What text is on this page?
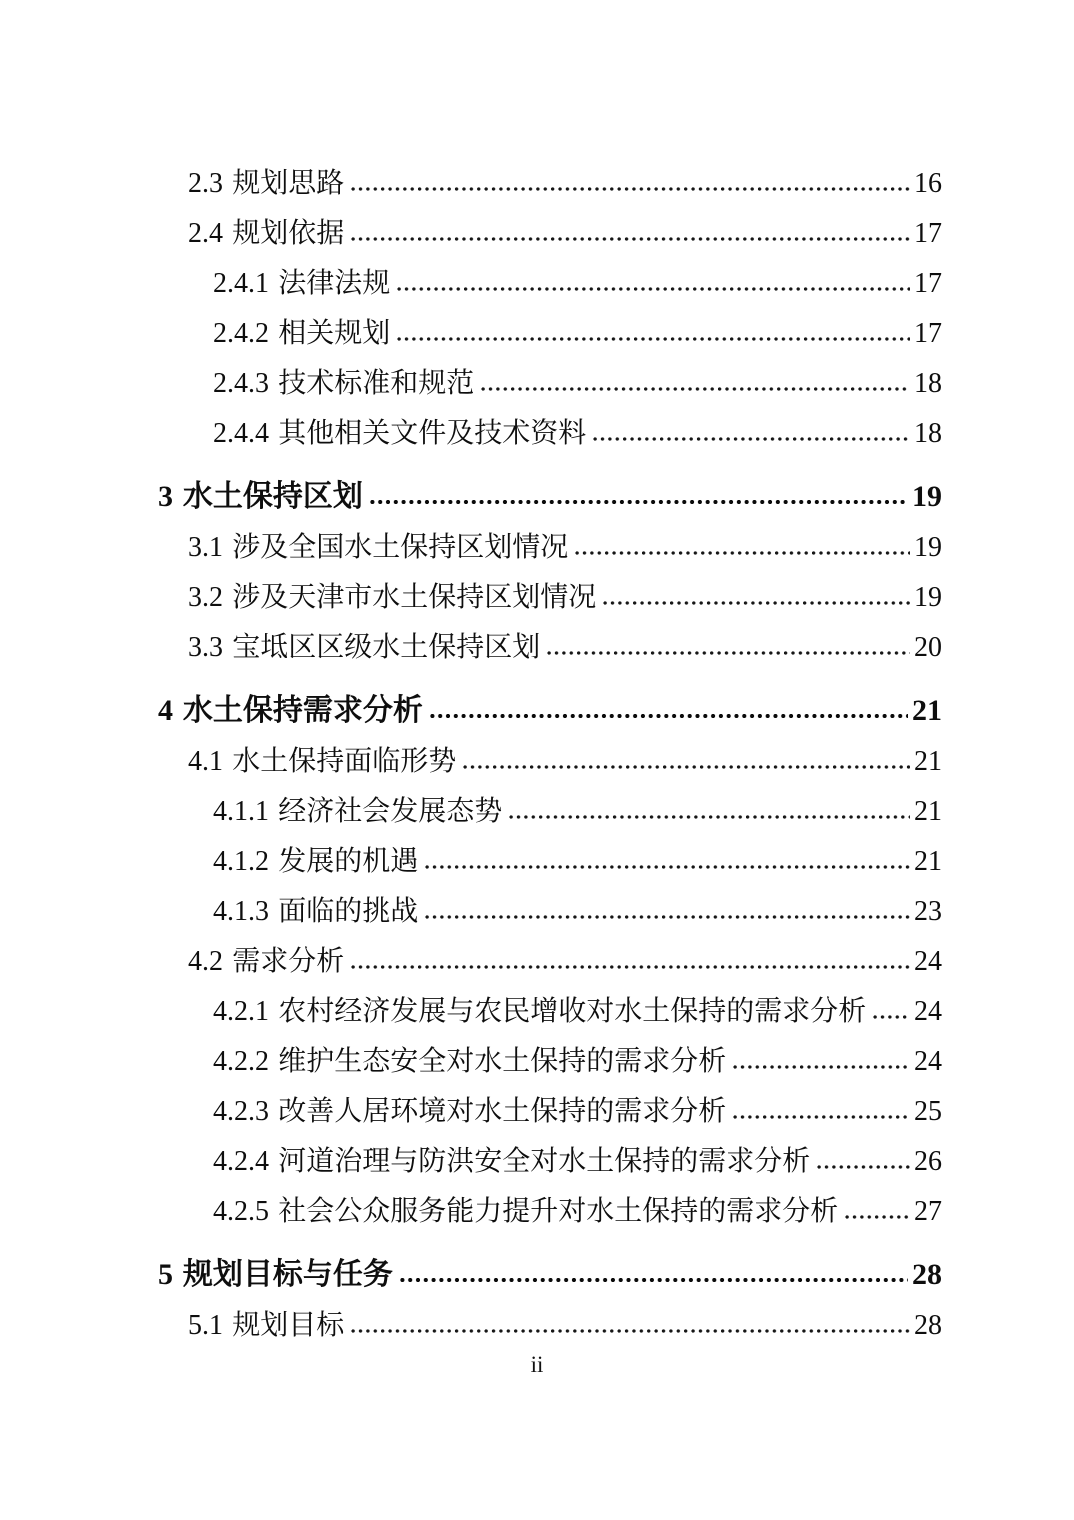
2.3 规划思路	16
2.4 规划依据	17
2.4.1 法律法规	17
2.4.2 相关规划	17
2.4.3 技术标准和规范	18
2.4.4 其他相关文件及技术资料	18
3 水土保持区划	19
3.1 涉及全国水土保持区划情况	19
3.2 涉及天津市水土保持区划情况	19
3.3 宝坻区区级水土保持区划	20
4 水土保持需求分析	21
4.1 水土保持面临形势	21
4.1.1 经济社会发展态势	21
4.1.2 发展的机遇	21
4.1.3 面临的挑战	23
4.2 需求分析	24
4.2.1 农村经济发展与农民增收对水土保持的需求分析 24
4.2.2 维护生态安全对水土保持的需求分析	24
4.2.3 改善人居环境对水土保持的需求分析	25
4.2.4 河道治理与防洪安全对水土保持的需求分析	26
4.2.5 社会公众服务能力提升对水土保持的需求分析	27
5 规划目标与任务	28
5.1 规划目标	28
ii
